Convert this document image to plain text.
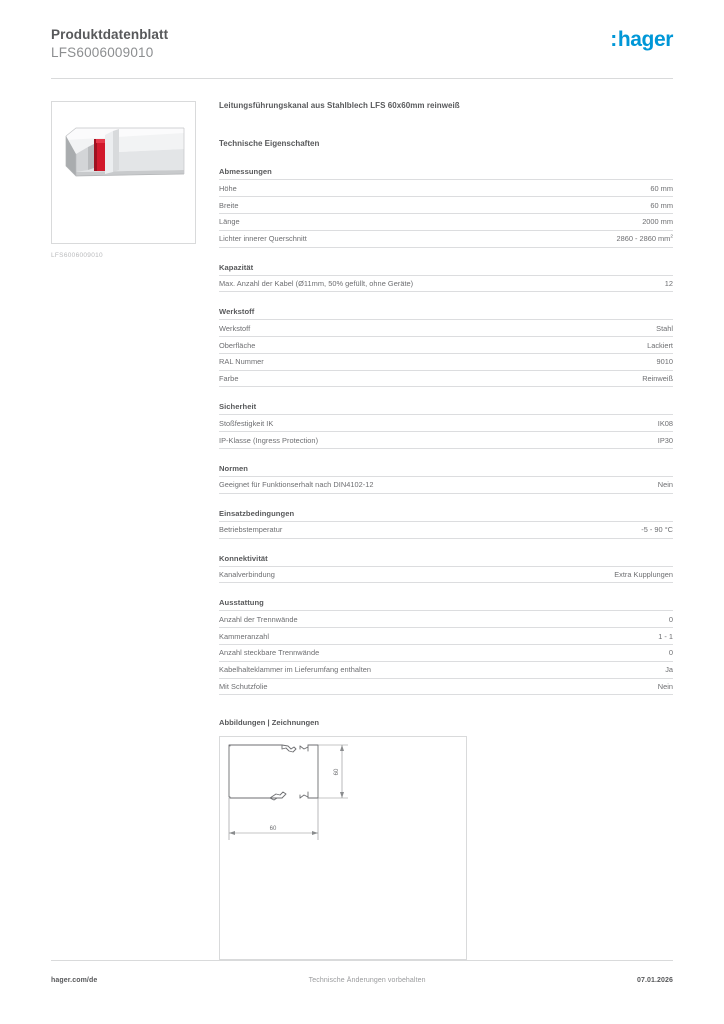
Produktdatenblatt
LFS6006009010
: hager
LFS6006009010
Leitungsführungskanal aus Stahlblech LFS 60x60mm reinweiß
Technische Eigenschaften
Abmessungen
Höhe	60 mm
Breite	60 mm
Länge	2000 mm
Lichter innerer Querschnitt	2860 - 2860 $mm^2$
Kapazität
Max. Anzahl der Kabel (Ø11mm, 50% gefüllt, ohne Geräte)	12
Werkstoff
Werkstoff	Stahl
Oberfläche	Lackiert
RAL Nummer	9010
Farbe	Reinweiß
Sicherheit
Stoßfestigkeit IK	IK08
IP-Klasse (Ingress Protection)	IP30
Normen
Geeignet für Funktionserhalt nach DIN4102-12	Nein
Einsatzbedingungen
Betriebstemperatur	-5 - 90 °C
Konnektivität
Kanalverbindung	Extra Kupplungen
Ausstattung
Anzahl der Trennwände	0
Kammeranzahl	1 - 1
Anzahl steckbare Trennwände	0
Kabelhalteklammer im Lieferumfang enthalten	Ja
Mit Schutzfolie	Nein
Abbildungen | Zeichnungen
60
60
hager.com/de	Technische Änderungen vorbehalten	07.01.2026
